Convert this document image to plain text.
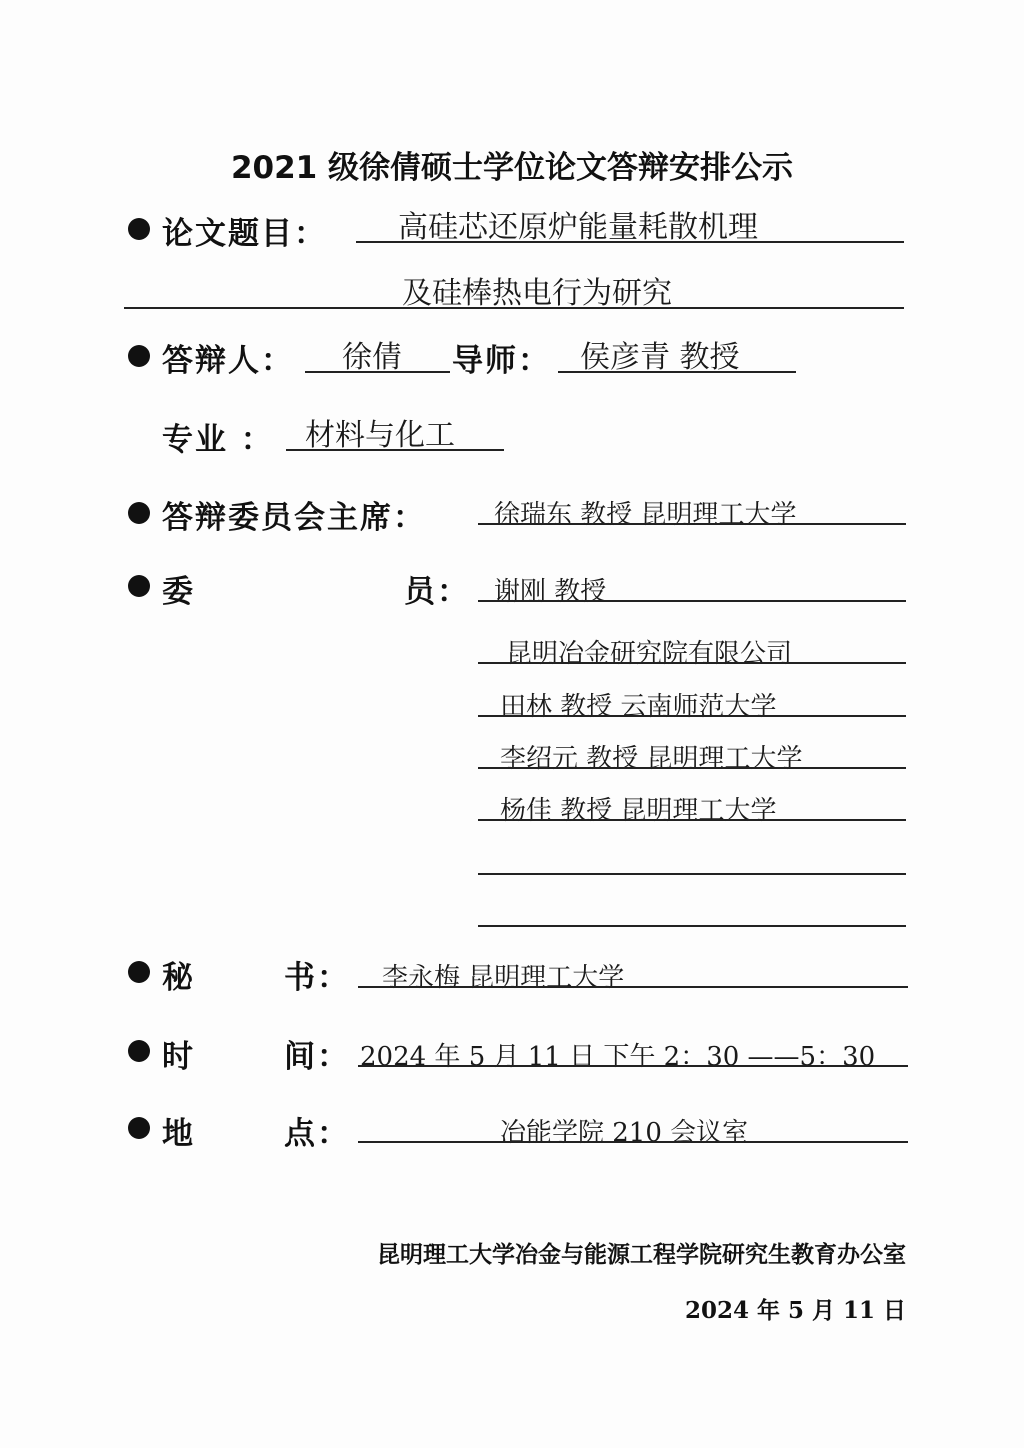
2021 级徐倩硕士学位论文答辩安排公示
论文题目： 高硅芯还原炉能量耗散机理
及硅棒热电行为研究
答辩人： 徐倩 导师： 侯彦青 教授
专业 ： 材料与化工
答辩委员会主席：	徐瑞东 教授 昆明理工大学
委	员： 谢刚 教授
昆明冶金研究院有限公司
田林 教授 云南师范大学
李绍元 教授 昆明理工大学
杨佳 教授 昆明理工大学
秘	书： 李永梅 昆明理工大学
时	间： 2024 年 5 月 11 日 下午 2：30 ——5：30
地	点：	冶能学院 210 会议室
昆明理工大学冶金与能源工程学院研究生教育办公室
2024 年 5 月 11 日
